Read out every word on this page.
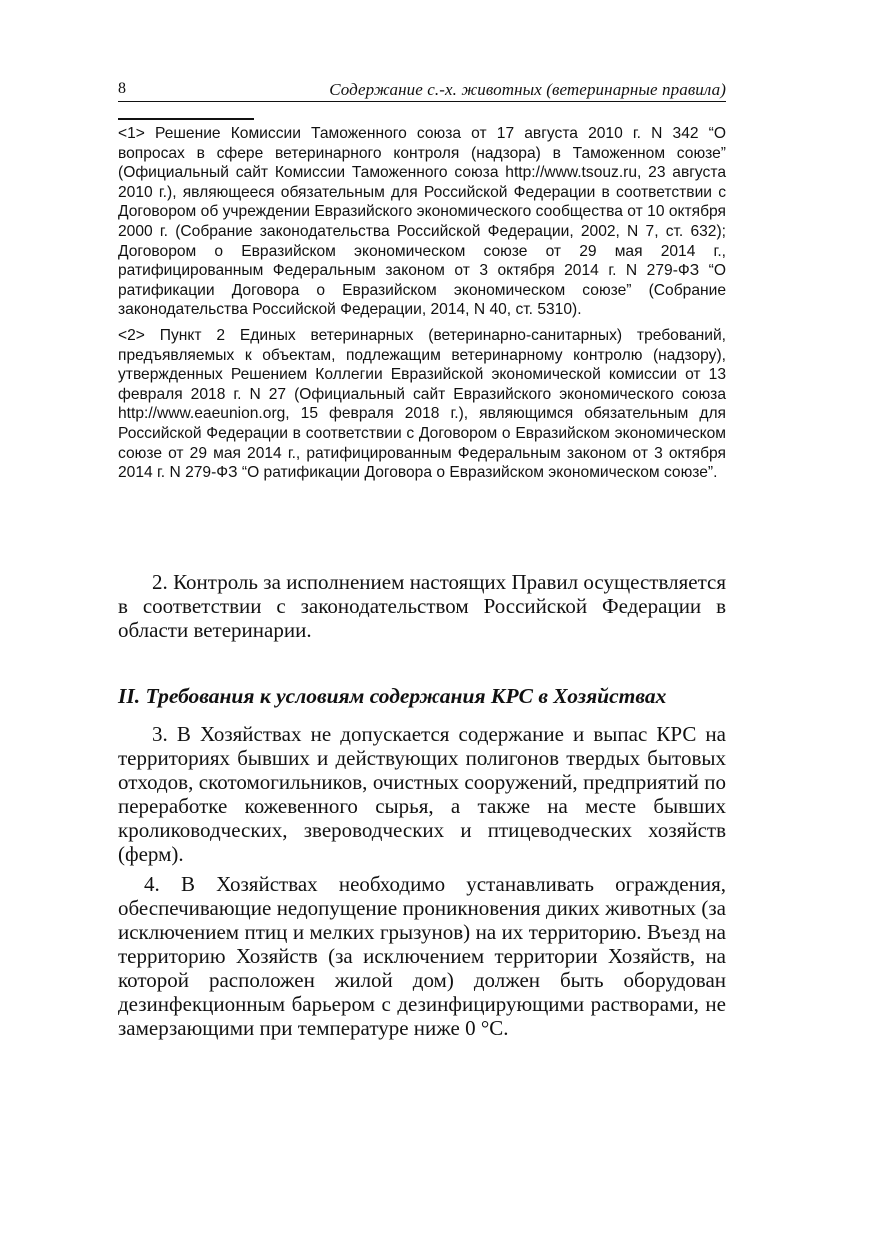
8	Содержание с.-х. животных (ветеринарные правила)

<1> Решение Комиссии Таможенного союза от 17 августа 2010 г. N 342 “О вопросах в сфере ветеринарного контроля (надзора) в Таможенном союзе” (Официальный сайт Комиссии Таможенного союза http://www.tsouz.ru, 23 августа 2010 г.), являющееся обязательным для Российской Федерации в соответствии с Договором об учреждении Евразийского экономического сообщества от 10 октября 2000 г. (Собрание законодательства Российской Федерации, 2002, N 7, ст. 632); Договором о Евразийском экономическом союзе от 29 мая 2014 г., ратифицированным Федеральным законом от 3 октября 2014 г. N 279-ФЗ “О ратификации Договора о Евразийском экономическом союзе” (Собрание законодательства Российской Федерации, 2014, N 40, ст. 5310).

<2> Пункт 2 Единых ветеринарных (ветеринарно-санитарных) требований, предъявляемых к объектам, подлежащим ветеринарному контролю (надзору), утвержденных Решением Коллегии Евразийской экономической комиссии от 13 февраля 2018 г. N 27 (Официальный сайт Евразийского экономического союза http://www.eaeunion.org, 15 февраля 2018 г.), являющимся обязательным для Российской Федерации в соответствии с Договором о Евразийском экономическом союзе от 29 мая 2014 г., ратифицированным Федеральным законом от 3 октября 2014 г. N 279-ФЗ “О ратификации Договора о Евразийском экономическом союзе”.

2. Контроль за исполнением настоящих Правил осуществляется в соответствии с законодательством Российской Федерации в области ветеринарии.

II. Требования к условиям содержания КРС в Хозяйствах

3. В Хозяйствах не допускается содержание и выпас КРС на территориях бывших и действующих полигонов твердых бытовых отходов, скотомогильников, очистных сооружений, предприятий по переработке кожевенного сырья, а также на месте бывших кролиководческих, звероводческих и птицеводческих хозяйств (ферм).

4. В Хозяйствах необходимо устанавливать ограждения, обеспечивающие недопущение проникновения диких животных (за исключением птиц и мелких грызунов) на их территорию. Въезд на территорию Хозяйств (за исключением территории Хозяйств, на которой расположен жилой дом) должен быть оборудован дезинфекционным барьером с дезинфицирующими растворами, не замерзающими при температуре ниже 0 °С.
